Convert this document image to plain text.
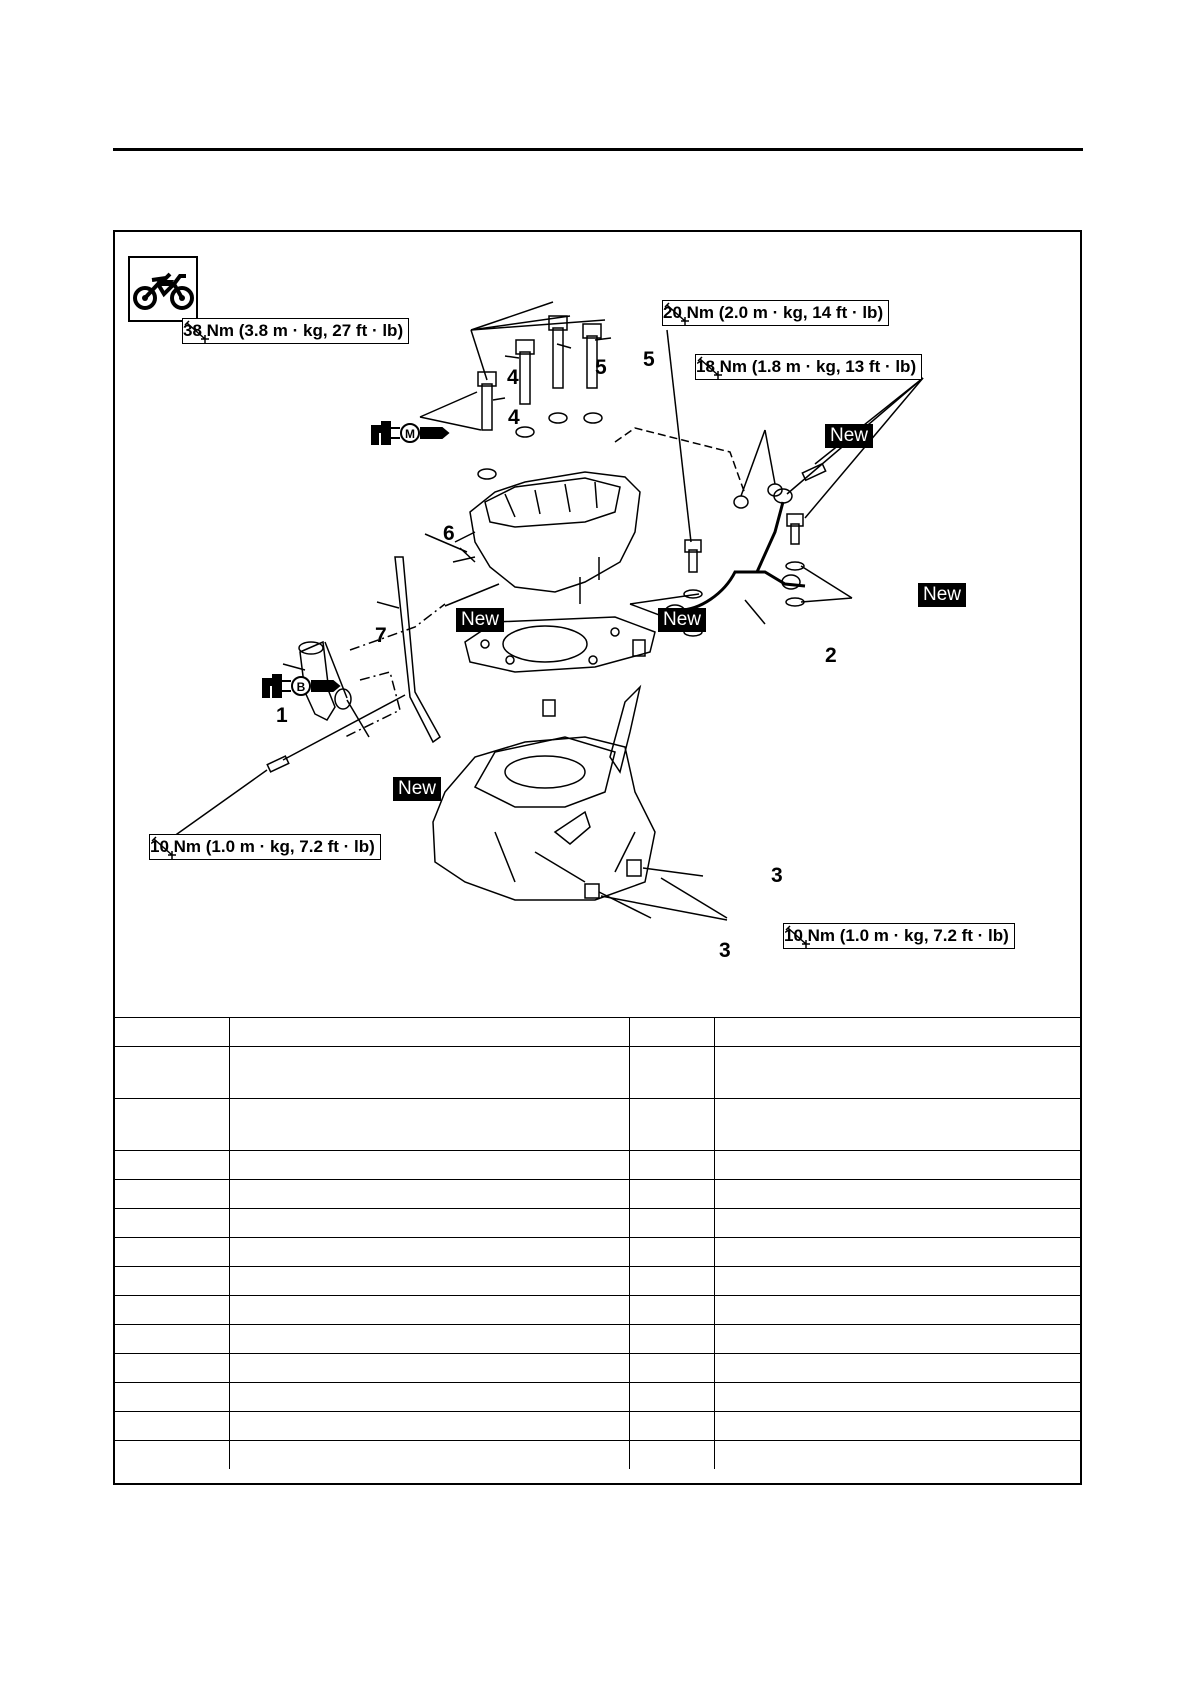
38 Nm (3.8 m · kg, 27 ft · lb)
20 Nm (2.0 m · kg, 14 ft · lb)
18 Nm (1.8 m · kg, 13 ft · lb)
10 Nm (1.0 m · kg, 7.2 ft · lb)
10 Nm (1.0 m · kg, 7.2 ft · lb)
M
B
New
New
New
New
New
1
2
3
3
4
4	5 5
6
7
